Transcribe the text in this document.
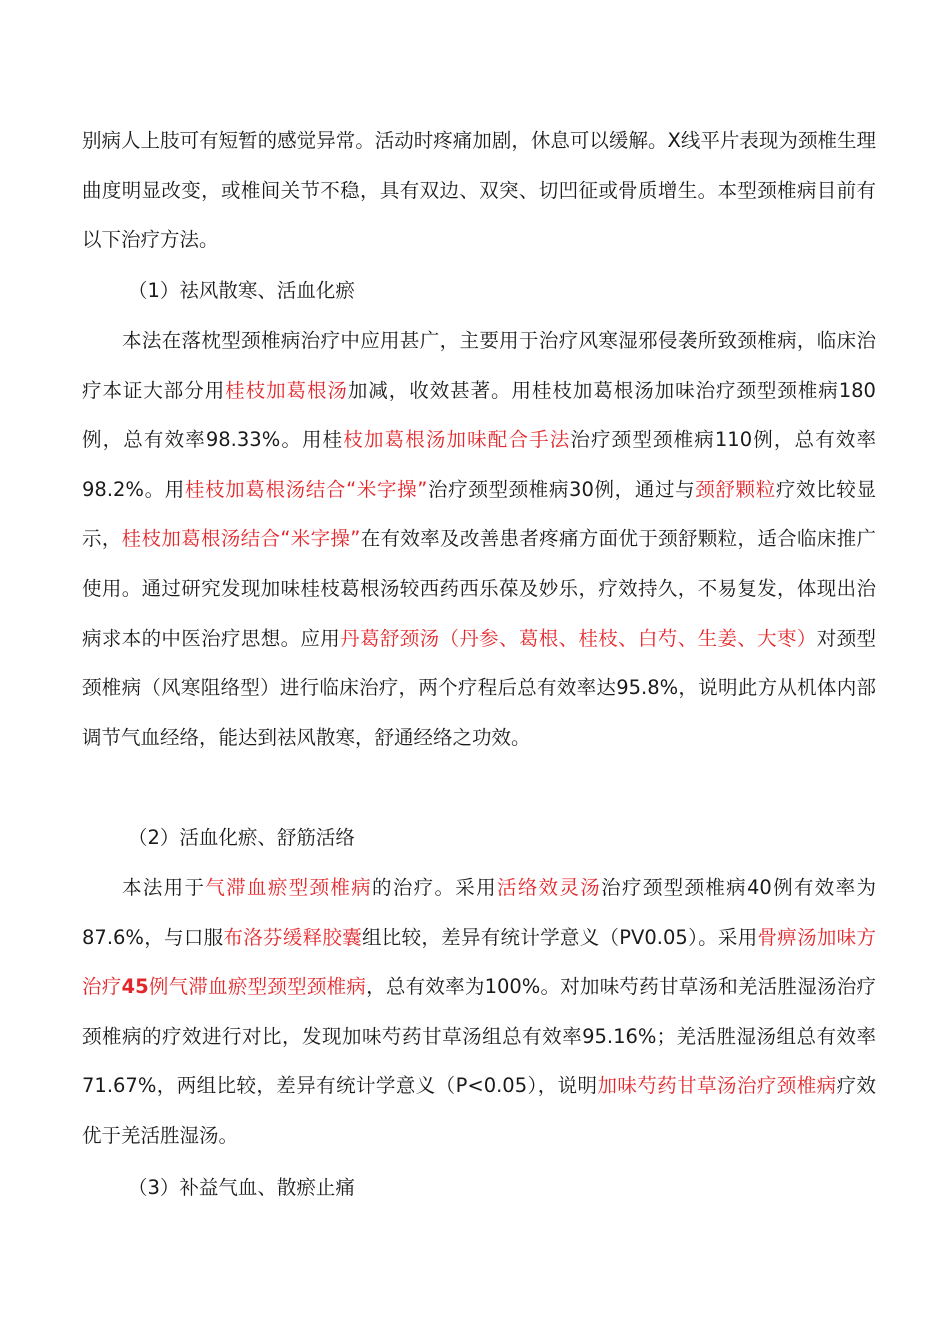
别病人上肢可有短暂的感觉异常。活动时疼痛加剧，休息可以缓解。X线平片表现为颈椎生理曲度明显改变，或椎间关节不稳，具有双边、双突、切凹征或骨质增生。本型颈椎病目前有以下治疗方法。

（1）祛风散寒、活血化瘀

本法在落枕型颈椎病治疗中应用甚广，主要用于治疗风寒湿邪侵袭所致颈椎病，临床治疗本证大部分用桂枝加葛根汤加减，收效甚著。用桂枝加葛根汤加味治疗颈型颈椎病180例，总有效率98.33%。用桂枝加葛根汤加味配合手法治疗颈型颈椎病110例，总有效率98.2%。用桂枝加葛根汤结合“米字操”治疗颈型颈椎病30例，通过与颈舒颗粒疗效比较显示，桂枝加葛根汤结合“米字操”在有效率及改善患者疼痛方面优于颈舒颗粒，适合临床推广使用。通过研究发现加味桂枝葛根汤较西药西乐葆及妙乐，疗效持久，不易复发，体现出治病求本的中医治疗思想。应用丹葛舒颈汤（丹参、葛根、桂枝、白芍、生姜、大枣）对颈型颈椎病（风寒阻络型）进行临床治疗，两个疗程后总有效率达95.8%，说明此方从机体内部调节气血经络，能达到祛风散寒，舒通经络之功效。

（2）活血化瘀、舒筋活络

本法用于气滞血瘀型颈椎病的治疗。采用活络效灵汤治疗颈型颈椎病40例有效率为87.6%，与口服布洛芬缓释胶囊组比较，差异有统计学意义（PV0.05）。采用骨痹汤加味方治疗45例气滞血瘀型颈型颈椎病，总有效率为100%。对加味芍药甘草汤和羌活胜湿汤治疗颈椎病的疗效进行对比，发现加味芍药甘草汤组总有效率95.16%；羌活胜湿汤组总有效率71.67%，两组比较，差异有统计学意义（P<0.05），说明加味芍药甘草汤治疗颈椎病疗效优于羌活胜湿汤。

（3）补益气血、散瘀止痛
